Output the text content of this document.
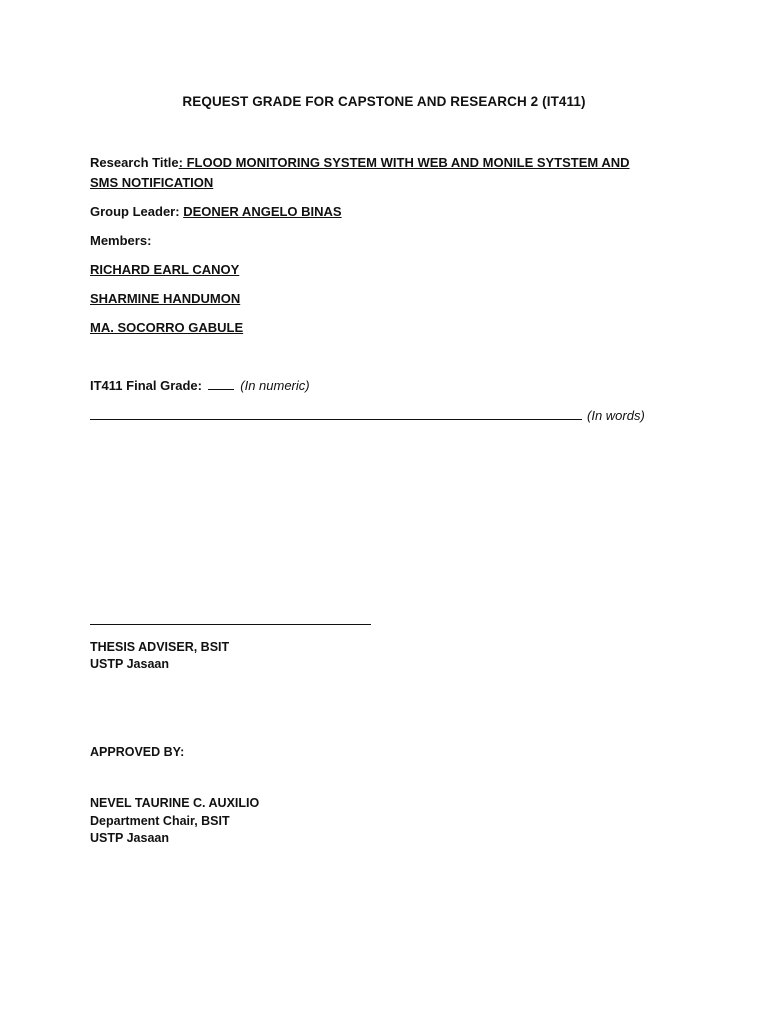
REQUEST GRADE FOR CAPSTONE AND RESEARCH 2 (IT411)
Research Title: FLOOD MONITORING SYSTEM WITH WEB AND MONILE SYTSTEM AND SMS NOTIFICATION
Group Leader: DEONER ANGELO BINAS
Members:
RICHARD EARL CANOY
SHARMINE HANDUMON
MA. SOCORRO GABULE
IT411 Final Grade:	(In numeric)
(In words)
THESIS ADVISER, BSIT
USTP Jasaan
APPROVED BY:
NEVEL TAURINE C. AUXILIO
Department Chair, BSIT
USTP Jasaan
